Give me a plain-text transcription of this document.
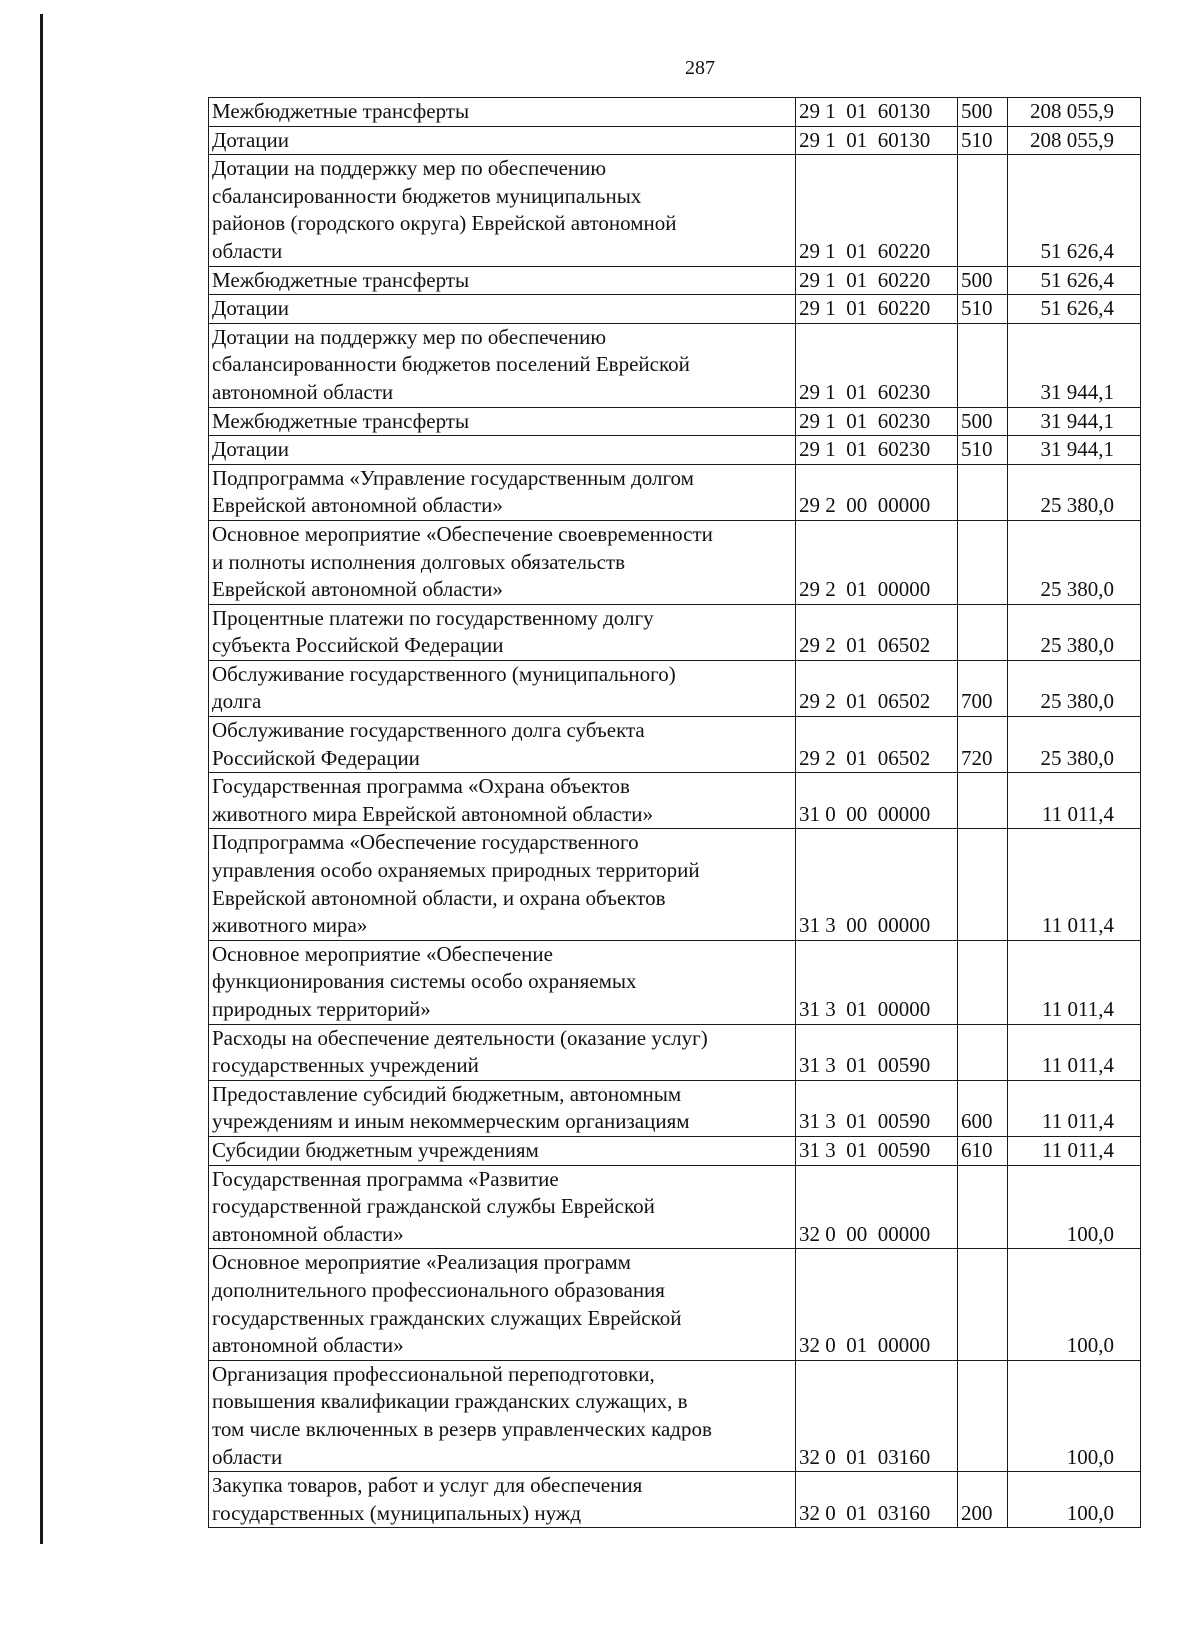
287
Межбюджетные трансферты	29 1  01  60130	500	208 055,9

Дотации	29 1  01  60130	510	208 055,9

Дотации на поддержку мер по обеспечению
сбалансированности бюджетов муниципальных
районов (городского округа) Еврейской автономной
области	29 1  01  60220		51 626,4

Межбюджетные трансферты	29 1  01  60220	500	51 626,4

Дотации	29 1  01  60220	510	51 626,4

Дотации на поддержку мер по обеспечению
сбалансированности бюджетов поселений Еврейской
автономной области	29 1  01  60230		31 944,1

Межбюджетные трансферты	29 1  01  60230	500	31 944,1

Дотации	29 1  01  60230	510	31 944,1

Подпрограмма «Управление государственным долгом
Еврейской автономной области»	29 2  00  00000		25 380,0

Основное мероприятие «Обеспечение своевременности
и полноты исполнения долговых обязательств
Еврейской автономной области»	29 2  01  00000		25 380,0

Процентные платежи по государственному долгу
субъекта Российской Федерации	29 2  01  06502		25 380,0

Обслуживание государственного (муниципального)
долга	29 2  01  06502	700	25 380,0

Обслуживание государственного долга субъекта
Российской Федерации	29 2  01  06502	720	25 380,0

Государственная программа «Охрана объектов
животного мира Еврейской автономной области»	31 0  00  00000		11 011,4

Подпрограмма «Обеспечение государственного
управления особо охраняемых природных территорий
Еврейской автономной области, и охрана объектов
животного мира»	31 3  00  00000		11 011,4

Основное мероприятие «Обеспечение
функционирования системы особо охраняемых
природных территорий»	31 3  01  00000		11 011,4

Расходы на обеспечение деятельности (оказание услуг)
государственных учреждений	31 3  01  00590		11 011,4

Предоставление субсидий бюджетным, автономным
учреждениям и иным некоммерческим организациям	31 3  01  00590	600	11 011,4

Субсидии бюджетным учреждениям	31 3  01  00590	610	11 011,4

Государственная программа «Развитие
государственной гражданской службы Еврейской
автономной области»	32 0  00  00000		100,0

Основное мероприятие «Реализация программ
дополнительного профессионального образования
государственных гражданских служащих Еврейской
автономной области»	32 0  01  00000		100,0

Организация профессиональной переподготовки,
повышения квалификации гражданских служащих, в
том числе включенных в резерв управленческих кадров
области	32 0  01  03160		100,0

Закупка товаров, работ и услуг для обеспечения
государственных (муниципальных) нужд	32 0  01  03160	200	100,0
